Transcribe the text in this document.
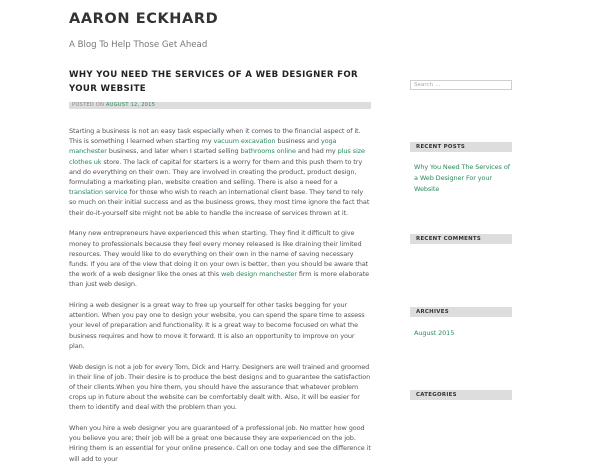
AARON ECKHARD

A Blog To Help Those Get Ahead

WHY YOU NEED THE SERVICES OF A WEB DESIGNER FOR YOUR WEBSITE
POSTED ON AUGUST 12, 2015

Starting a business is not an easy task especially when it comes to the financial aspect of it. This is something I learned when starting my vacuum excavation business and yoga manchester business, and later when I started selling bathrooms online and had my plus size clothes uk store. The lack of capital for starters is a worry for them and this push them to try and do everything on their own. They are involved in creating the product, product design, formulating a marketing plan, website creation and selling. There is also a need for a translation service for those who wish to reach an international client base. They tend to rely so much on their initial success and as the business grows, they most time ignore the fact that their do-it-yourself site might not be able to handle the increase of services thrown at it.

Many new entrepreneurs have experienced this when starting. They find it difficult to give money to professionals because they feel every money released is like draining their limited resources. They would like to do everything on their own in the name of saving necessary funds. If you are of the view that doing it on your own is better, then you should be aware that the work of a web designer like the ones at this web design manchester firm is more elaborate than just web design.

Hiring a web designer is a great way to free up yourself for other tasks begging for your attention. When you pay one to design your website, you can spend the spare time to assess your level of preparation and functionality. It is a great way to become focused on what the business requires and how to move it forward. It is also an opportunity to improve on your plan.

Web design is not a job for every Tom, Dick and Harry. Designers are well trained and groomed in their line of job. Their desire is to produce the best designs and to guarantee the satisfaction of their clients.When you hire them, you should have the assurance that whatever problem crops up in future about the website can be comfortably dealt with. Also, it will be easier for them to identify and deal with the problem than you.

When you hire a web designer you are guaranteed of a professional job. No matter how good you believe you are; their job will be a great one because they are experienced on the job. Hiring them is an essential for your online presence. Call on one today and see the difference it will add to your

Search ...
RECENT POSTS
Why You Need The Services of a Web Designer For your Website
RECENT COMMENTS
ARCHIVES
August 2015
CATEGORIES
